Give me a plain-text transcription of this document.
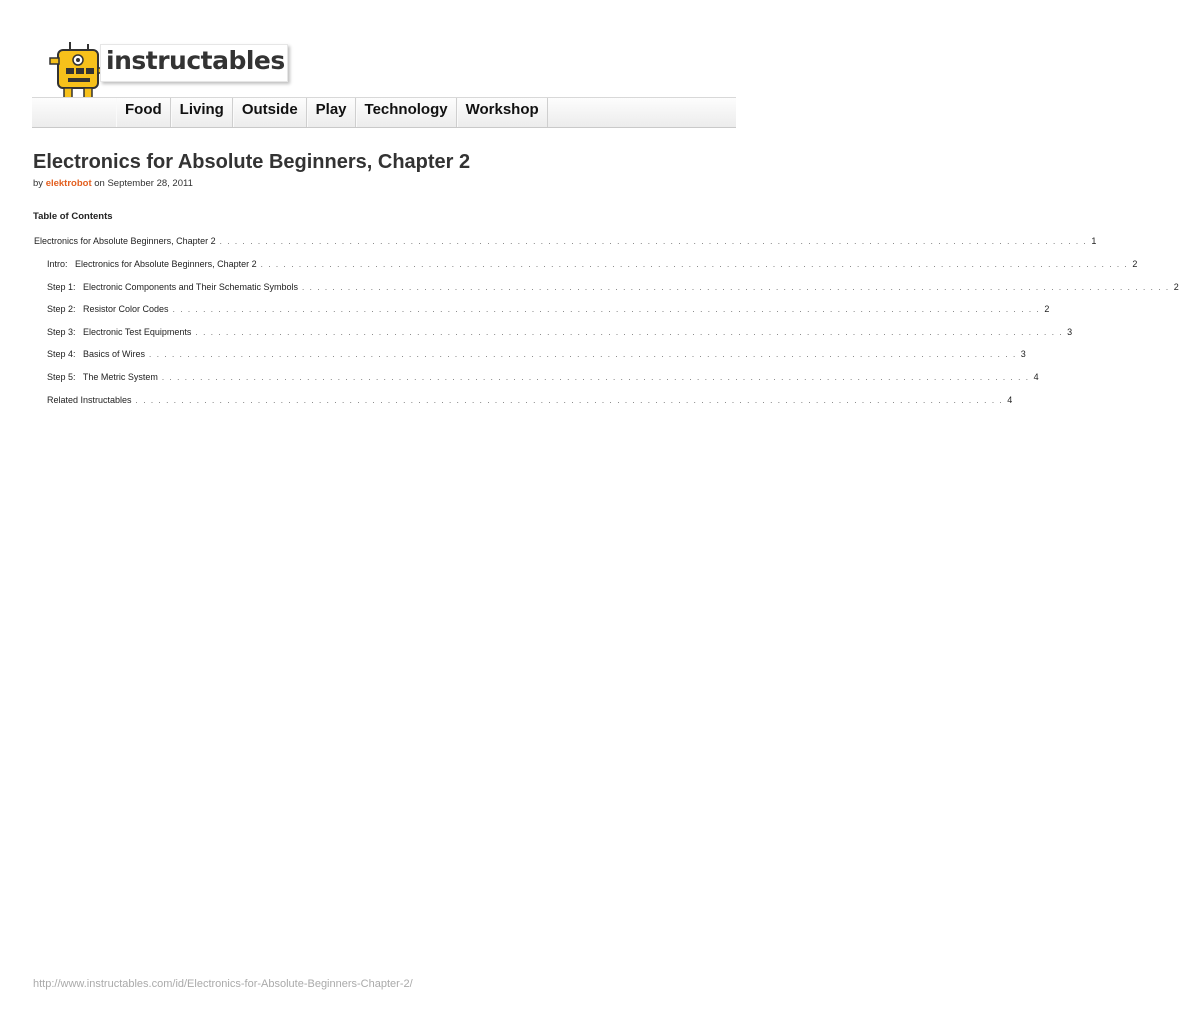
instructables
Food	Living	Outside	Play	Technology	Workshop
Electronics for Absolute Beginners, Chapter 2
by elektrobot on September 28, 2011
Table of Contents
Electronics for Absolute Beginners, Chapter 2 . . . . . . . . . . . . . . . . . . . . . . . . . . . . . . . . . . . . . . . . . . . . . . . . . . . . . . . . . . . . . . . . . . . . . . . . . . . . . . . . . . . . . . . . . . . . . . . . . . . . . . . . . . . . . . . . . . 1
Intro:   Electronics for Absolute Beginners, Chapter 2 . . . . . . . . . . . . . . . . . . . . . . . . . . . . . . . . . . . . . . . . . . . . . . . . . . . . . . . . . . . . . . . . . . . . . . . . . . . . . . . . . . . . . . . . . . . . . . . . . . . . . . . . . . . . . . . . . . 2
Step 1:   Electronic Components and Their Schematic Symbols . . . . . . . . . . . . . . . . . . . . . . . . . . . . . . . . . . . . . . . . . . . . . . . . . . . . . . . . . . . . . . . . . . . . . . . . . . . . . . . . . . . . . . . . . . . . . . . . . . . . . . . . . . . . . . . . . . 2
Step 2:   Resistor Color Codes . . . . . . . . . . . . . . . . . . . . . . . . . . . . . . . . . . . . . . . . . . . . . . . . . . . . . . . . . . . . . . . . . . . . . . . . . . . . . . . . . . . . . . . . . . . . . . . . . . . . . . . . . . . . . . . . . . 2
Step 3:   Electronic Test Equipments . . . . . . . . . . . . . . . . . . . . . . . . . . . . . . . . . . . . . . . . . . . . . . . . . . . . . . . . . . . . . . . . . . . . . . . . . . . . . . . . . . . . . . . . . . . . . . . . . . . . . . . . . . . . . . . . . . 3
Step 4:   Basics of Wires . . . . . . . . . . . . . . . . . . . . . . . . . . . . . . . . . . . . . . . . . . . . . . . . . . . . . . . . . . . . . . . . . . . . . . . . . . . . . . . . . . . . . . . . . . . . . . . . . . . . . . . . . . . . . . . . . . 3
Step 5:   The Metric System . . . . . . . . . . . . . . . . . . . . . . . . . . . . . . . . . . . . . . . . . . . . . . . . . . . . . . . . . . . . . . . . . . . . . . . . . . . . . . . . . . . . . . . . . . . . . . . . . . . . . . . . . . . . . . . . . . 4
Related Instructables . . . . . . . . . . . . . . . . . . . . . . . . . . . . . . . . . . . . . . . . . . . . . . . . . . . . . . . . . . . . . . . . . . . . . . . . . . . . . . . . . . . . . . . . . . . . . . . . . . . . . . . . . . . . . . . . . . 4
http://www.instructables.com/id/Electronics-for-Absolute-Beginners-Chapter-2/
